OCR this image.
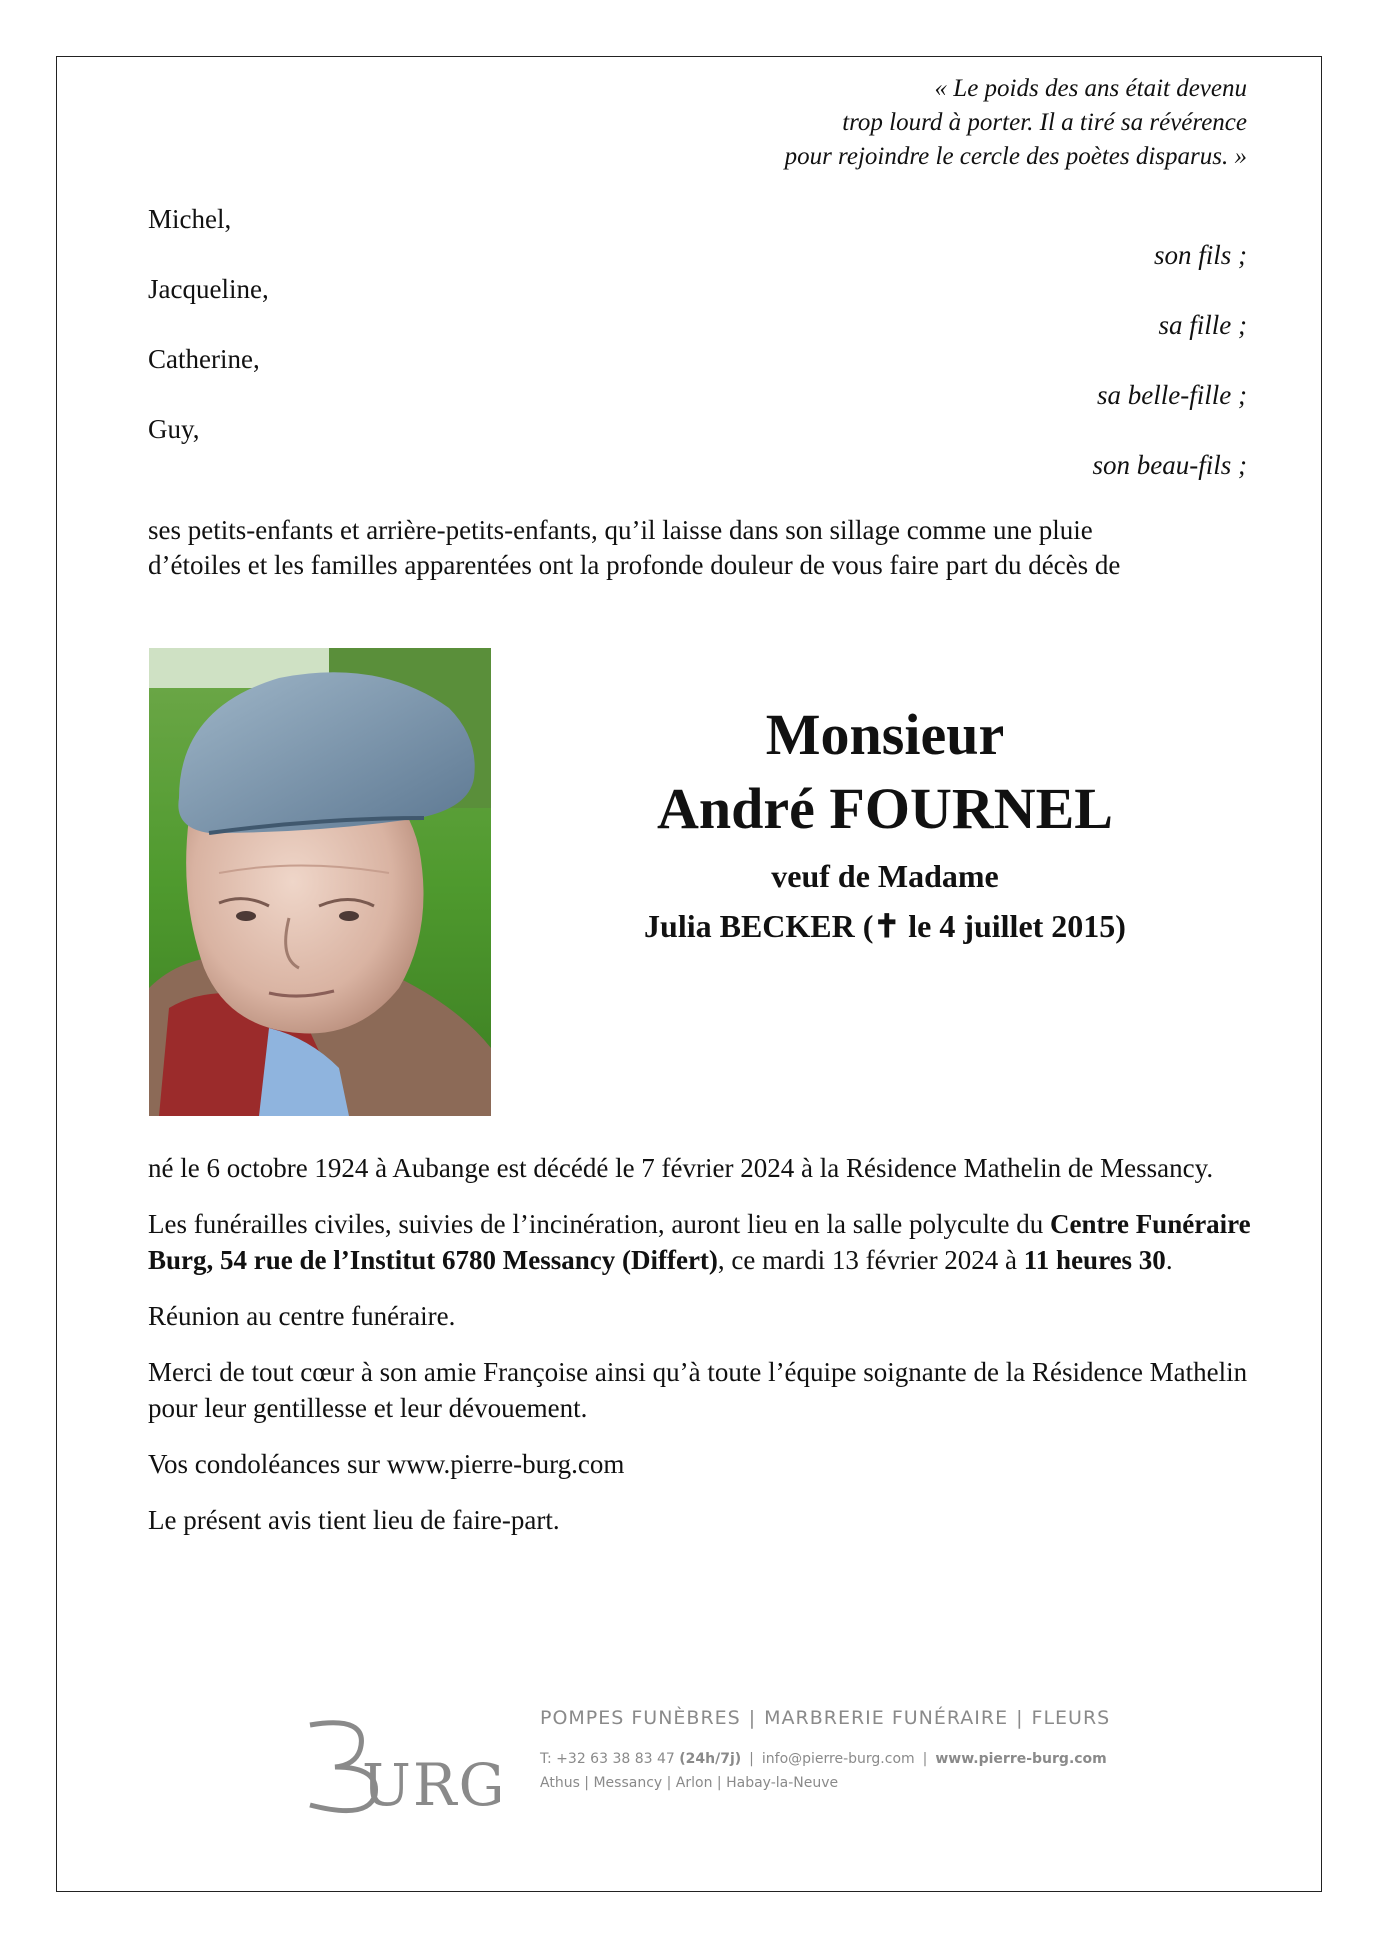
« Le poids des ans était devenu
trop lourd à porter. Il a tiré sa révérence
pour rejoindre le cercle des poètes disparus. »
Michel,
son fils ;
Jacqueline,
sa fille ;
Catherine,
sa belle-fille ;
Guy,
son beau-fils ;
ses petits-enfants et arrière-petits-enfants, qu’il laisse dans son sillage comme une pluie
d’étoiles et les familles apparentées ont la profonde douleur de vous faire part du décès de
Monsieur
André FOURNEL
veuf de Madame
Julia BECKER (✝ le 4 juillet 2015)

né le 6 octobre 1924 à Aubange est décédé le 7 février 2024 à la Résidence Mathelin de Messancy.

Les funérailles civiles, suivies de l’incinération, auront lieu en la salle polyculte du Centre Funéraire Burg, 54 rue de l’Institut 6780 Messancy (Differt), ce mardi 13 février 2024 à 11 heures 30.

Réunion au centre funéraire.

Merci de tout cœur à son amie Françoise ainsi qu’à toute l’équipe soignante de la Résidence Mathelin pour leur gentillesse et leur dévouement.

Vos condoléances sur www.pierre-burg.com

Le présent avis tient lieu de faire-part.

URG
POMPES FUNÈBRES | MARBRERIE FUNÉRAIRE | FLEURS
T: +32 63 38 83 47 (24h/7j) | info@pierre-burg.com | www.pierre-burg.com
Athus | Messancy | Arlon | Habay-la-Neuve
